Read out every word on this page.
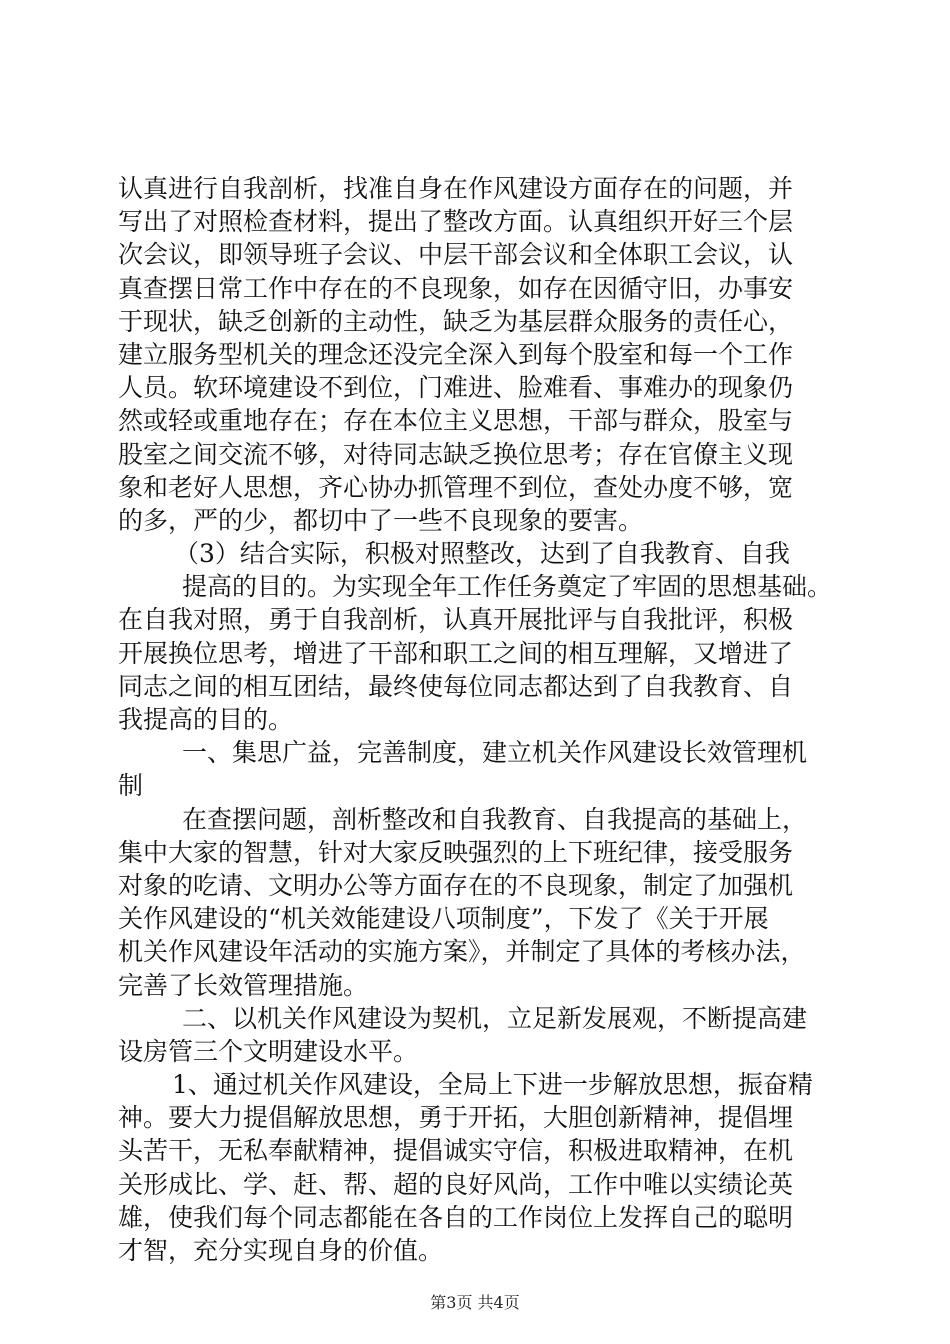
认真进行自我剖析，找准自身在作风建设方面存在的问题，并
写出了对照检查材料，提出了整改方面。认真组织开好三个层
次会议，即领导班子会议、中层干部会议和全体职工会议，认
真查摆日常工作中存在的不良现象，如存在因循守旧，办事安
于现状，缺乏创新的主动性，缺乏为基层群众服务的责任心，
建立服务型机关的理念还没完全深入到每个股室和每一个工作
人员。软环境建设不到位，门难进、脸难看、事难办的现象仍
然或轻或重地存在；存在本位主义思想，干部与群众，股室与
股室之间交流不够，对待同志缺乏换位思考；存在官僚主义现
象和老好人思想，齐心协办抓管理不到位，查处办度不够，宽
的多，严的少，都切中了一些不良现象的要害。
（3）结合实际，积极对照整改，达到了自我教育、自我
提高的目的。为实现全年工作任务奠定了牢固的思想基础。
在自我对照，勇于自我剖析，认真开展批评与自我批评，积极
开展换位思考，增进了干部和职工之间的相互理解，又增进了
同志之间的相互团结，最终使每位同志都达到了自我教育、自
我提高的目的。
一、集思广益，完善制度，建立机关作风建设长效管理机
制
在查摆问题，剖析整改和自我教育、自我提高的基础上，
集中大家的智慧，针对大家反映强烈的上下班纪律，接受服务
对象的吃请、文明办公等方面存在的不良现象，制定了加强机
关作风建设的“机关效能建设八项制度”，下发了《关于开展
机关作风建设年活动的实施方案》，并制定了具体的考核办法，
完善了长效管理措施。
二、以机关作风建设为契机，立足新发展观，不断提高建
设房管三个文明建设水平。
1、通过机关作风建设，全局上下进一步解放思想，振奋精
神。要大力提倡解放思想，勇于开拓，大胆创新精神，提倡埋
头苦干，无私奉献精神，提倡诚实守信，积极进取精神，在机
关形成比、学、赶、帮、超的良好风尚，工作中唯以实绩论英
雄，使我们每个同志都能在各自的工作岗位上发挥自己的聪明
才智，充分实现自身的价值。
第3页 共4页
